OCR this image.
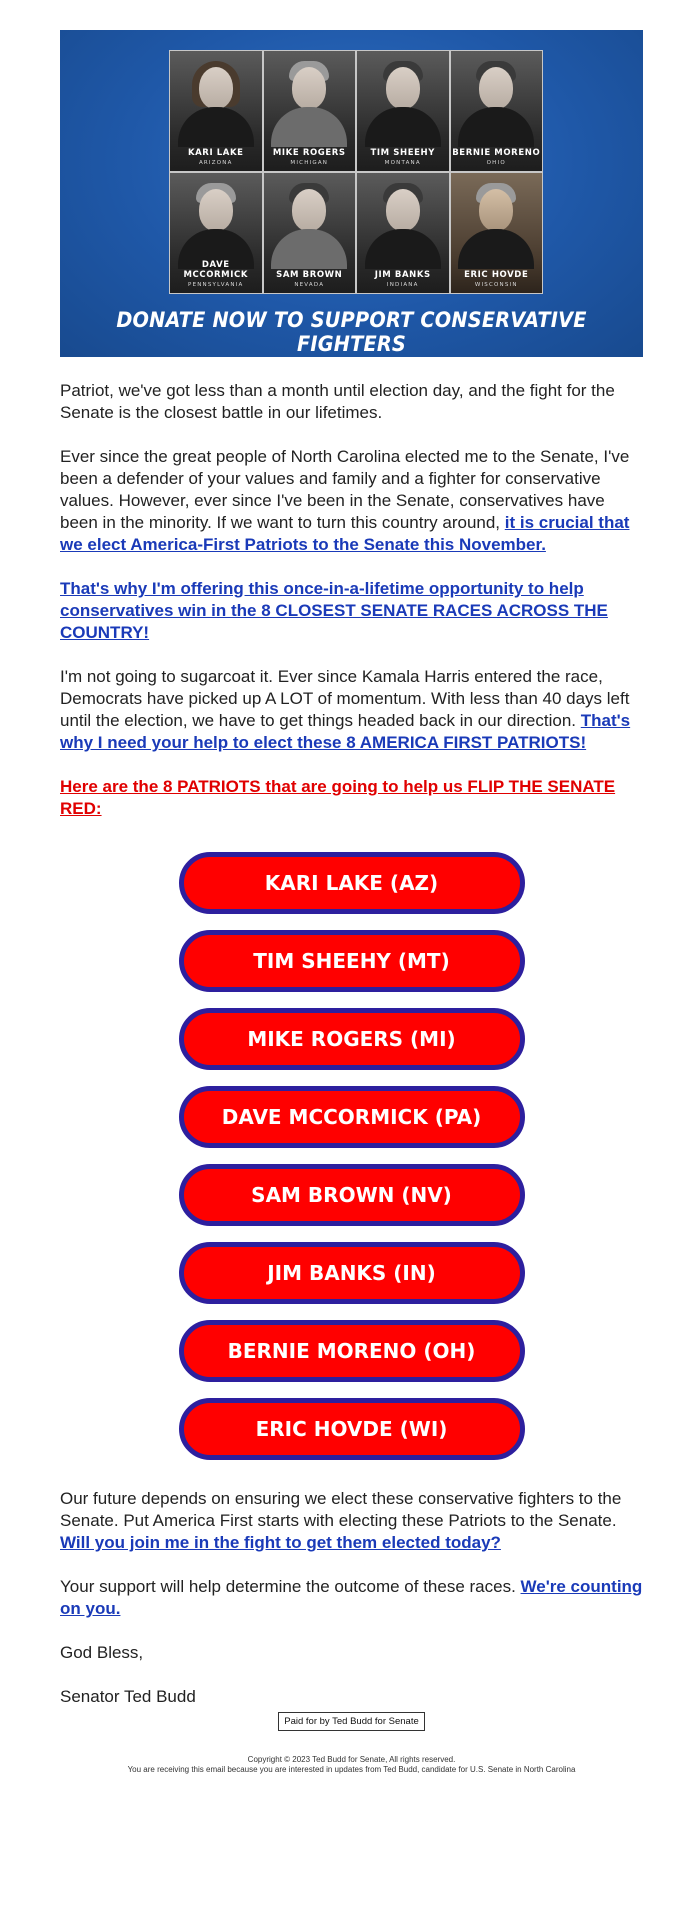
KARI LAKE
ARIZONA
MIKE ROGERS
MICHIGAN
TIM SHEEHY
MONTANA
BERNIE MORENO
OHIO
DAVE MCCORMICK
PENNSYLVANIA
SAM BROWN
NEVADA
JIM BANKS
INDIANA
ERIC HOVDE
WISCONSIN
DONATE NOW TO SUPPORT CONSERVATIVE FIGHTERS

Patriot, we've got less than a month until election day, and the fight for the Senate is the closest battle in our lifetimes.

Ever since the great people of North Carolina elected me to the Senate, I've been a defender of your values and family and a fighter for conservative values. However, ever since I've been in the Senate, conservatives have been in the minority. If we want to turn this country around, it is crucial that we elect America-First Patriots to the Senate this November.

That's why I'm offering this once-in-a-lifetime opportunity to help conservatives win in the 8 CLOSEST SENATE RACES ACROSS THE COUNTRY!

I'm not going to sugarcoat it. Ever since Kamala Harris entered the race, Democrats have picked up A LOT of momentum. With less than 40 days left until the election, we have to get things headed back in our direction. That's why I need your help to elect these 8 AMERICA FIRST PATRIOTS!

Here are the 8 PATRIOTS that are going to help us FLIP THE SENATE RED:

KARI LAKE (AZ)
TIM SHEEHY (MT)
MIKE ROGERS (MI)
DAVE MCCORMICK (PA)
SAM BROWN (NV)
JIM BANKS (IN)
BERNIE MORENO (OH)
ERIC HOVDE (WI)

Our future depends on ensuring we elect these conservative fighters to the Senate. Put America First starts with electing these Patriots to the Senate. Will you join me in the fight to get them elected today?

Your support will help determine the outcome of these races. We're counting on you.

God Bless,

Senator Ted Budd

Paid for by Ted Budd for Senate
Copyright © 2023 Ted Budd for Senate, All rights reserved.
You are receiving this email because you are interested in updates from Ted Budd, candidate for U.S. Senate in North Carolina
